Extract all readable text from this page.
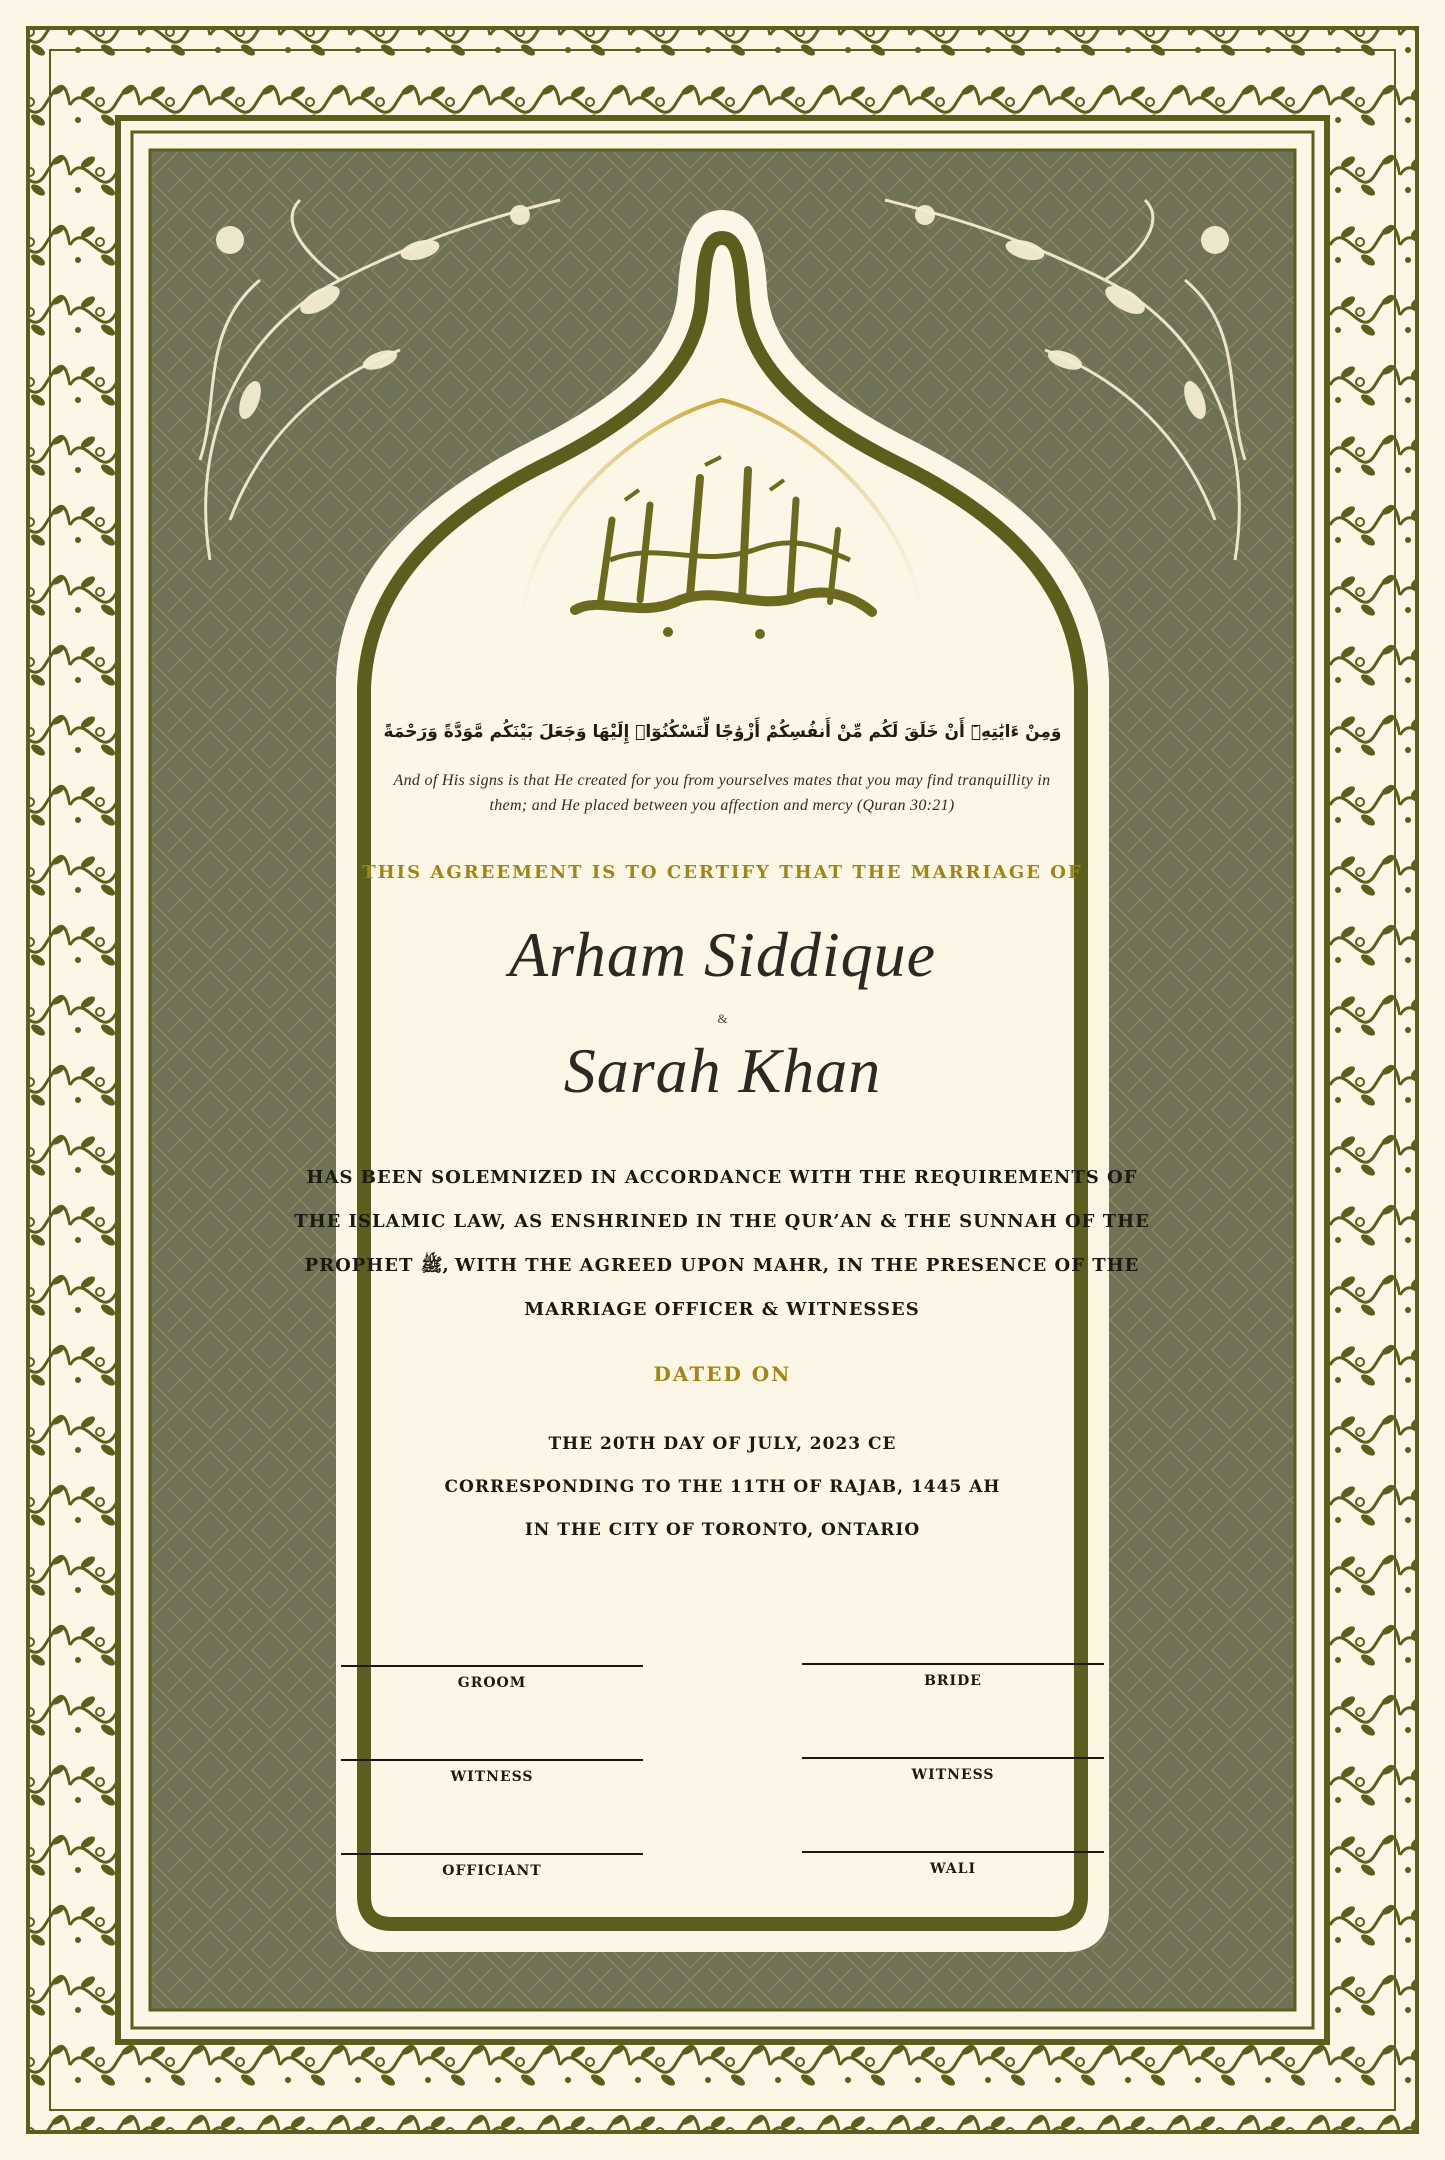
وَمِنْ ءَايَٰتِهِۦٓ أَنْ خَلَقَ لَكُم مِّنْ أَنفُسِكُمْ أَزْوَٰجًا لِّتَسْكُنُوٓا۟ إِلَيْهَا وَجَعَلَ بَيْنَكُم مَّوَدَّةً وَرَحْمَةً

And of His signs is that He created for you from yourselves mates that you may find tranquillity in
them; and He placed between you affection and mercy (Quran 30:21)

THIS AGREEMENT IS TO CERTIFY THAT THE MARRIAGE OF

Arham Siddique

&

Sarah Khan

HAS BEEN SOLEMNIZED IN ACCORDANCE WITH THE REQUIREMENTS OF
THE ISLAMIC LAW, AS ENSHRINED IN THE QUR’AN & THE SUNNAH OF THE
PROPHET ﷺ, WITH THE AGREED UPON MAHR, IN THE PRESENCE OF THE
MARRIAGE OFFICER & WITNESSES

DATED ON

THE 20TH DAY OF JULY, 2023 CE

CORRESPONDING TO THE 11TH OF RAJAB, 1445 AH

IN THE CITY OF TORONTO, ONTARIO

GROOM	BRIDE
WITNESS	WITNESS
OFFICIANT	WALI
